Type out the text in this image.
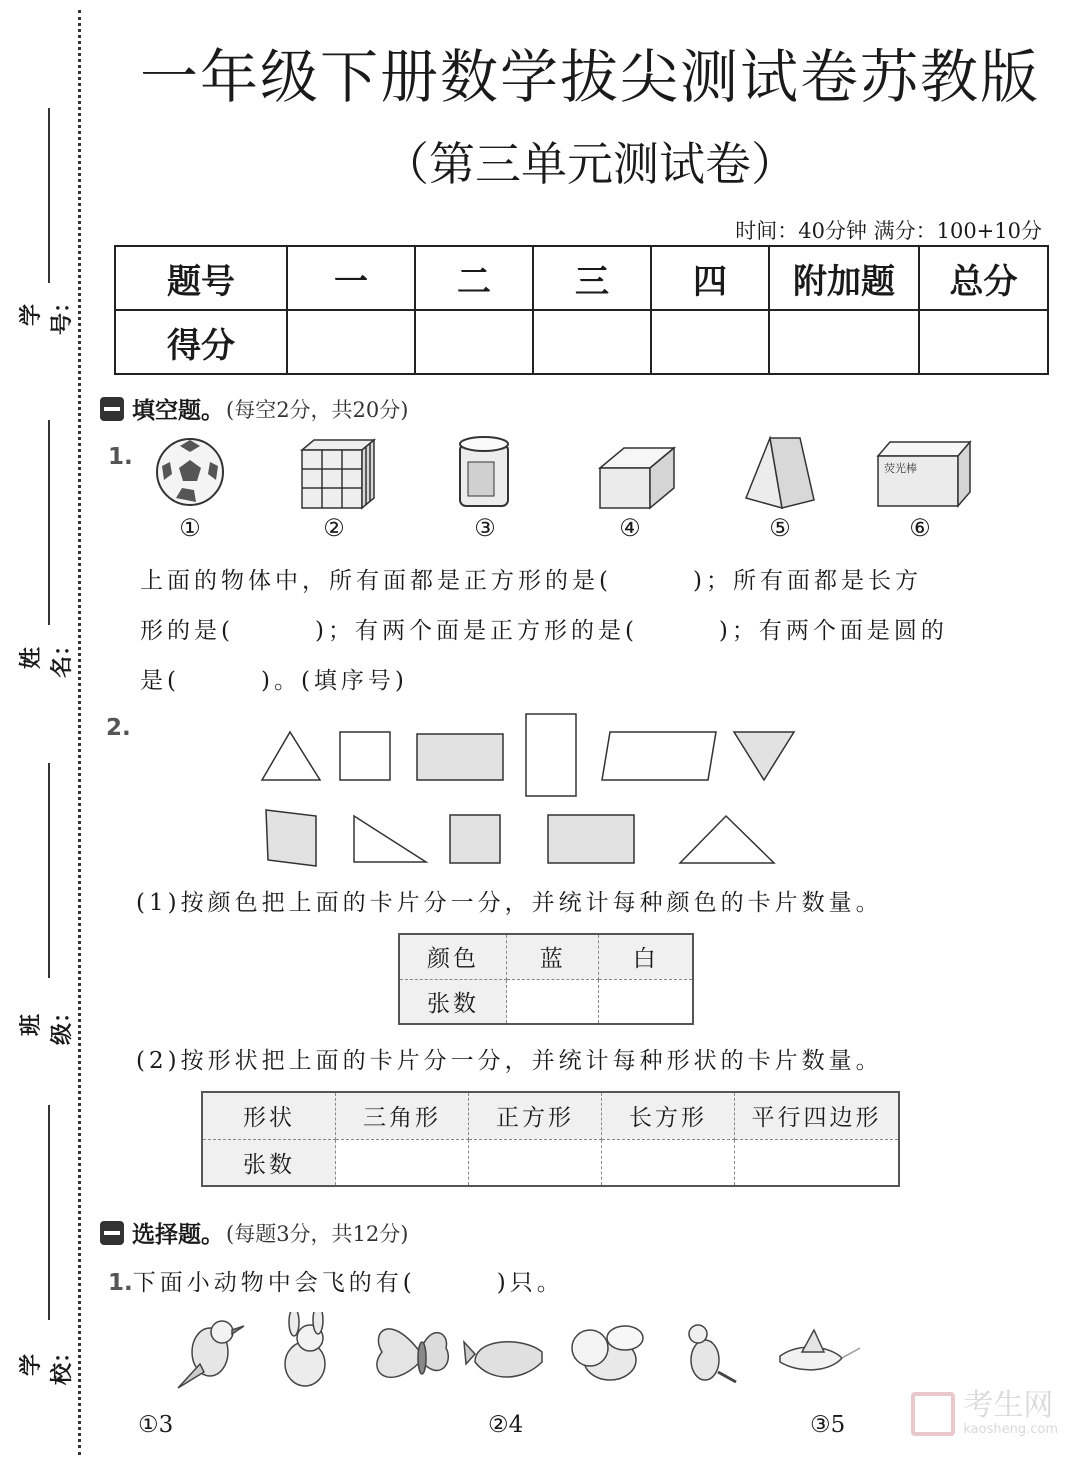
学号：
姓名：
班级：
学校：
一年级下册数学拔尖测试卷苏教版
（第三单元测试卷）
时间：40分钟 满分：100+10分
题号	一	二	三	四	附加题	总分
得分						
填空题。 (每空2分，共20分)
1.	荧光棒
①	②	③	④	⑤	⑥
上面的物体中，所有面都是正方形的是(　　　)；所有面都是长方
形的是(　　　)；有两个面是正方形的是(　　　)；有两个面是圆的
是(　　　)。(填序号)
2.
(1)按颜色把上面的卡片分一分，并统计每种颜色的卡片数量。
颜色	蓝	白
张数		
(2)按形状把上面的卡片分一分，并统计每种形状的卡片数量。
形状	三角形	正方形	长方形	平行四边形
张数				
选择题。 (每题3分，共12分)
1.下面小动物中会飞的有(　　　)只。
①3	②4	③5
考生网
kaosheng.com
